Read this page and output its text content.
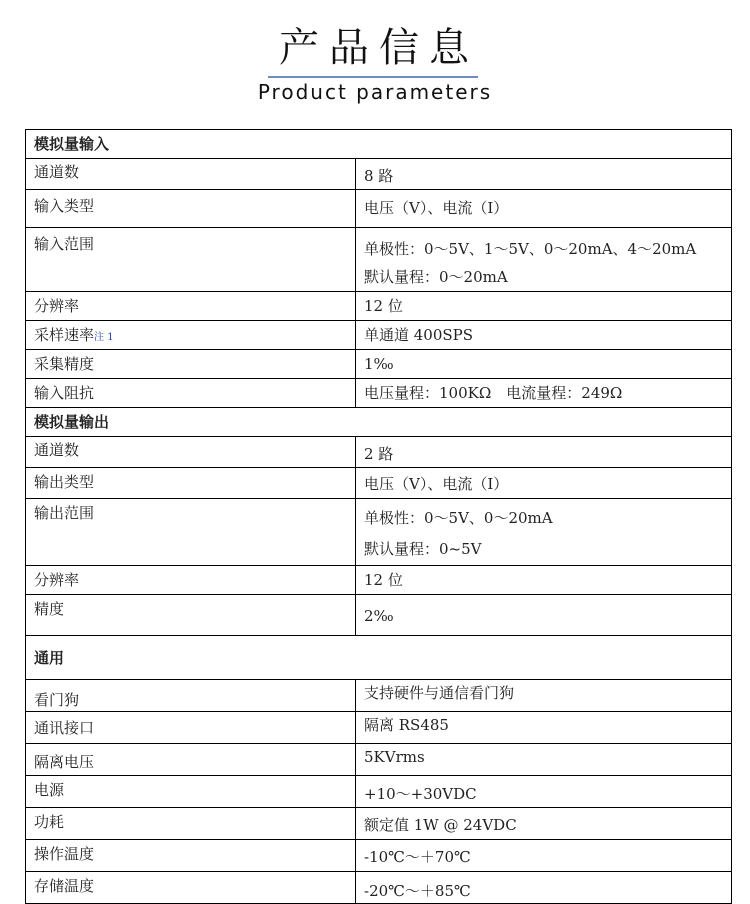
产品信息
Product parameters
模拟量输入	
通道数	8 路
输入类型	电压（V）、电流（I）
输入范围	单极性：0～5V、1～5V、0～20mA、4～20mA
默认量程：0～20mA

分辨率	12 位
采样速率注 1	单通道 400SPS
采集精度	1‰
输入阻抗	电压量程：100KΩ　电流量程：249Ω
模拟量输出	
通道数	2 路
输出类型	电压（V）、电流（I）
输出范围	单极性：0～5V、0～20mA
默认量程：0~5V

分辨率	12 位
精度	2‰
通用	
看门狗	支持硬件与通信看门狗
通讯接口	隔离 RS485
隔离电压	5KVrms
电源	+10～+30VDC
功耗	额定值 1W @ 24VDC
操作温度	-10℃～＋70℃
存储温度	-20℃～＋85℃
